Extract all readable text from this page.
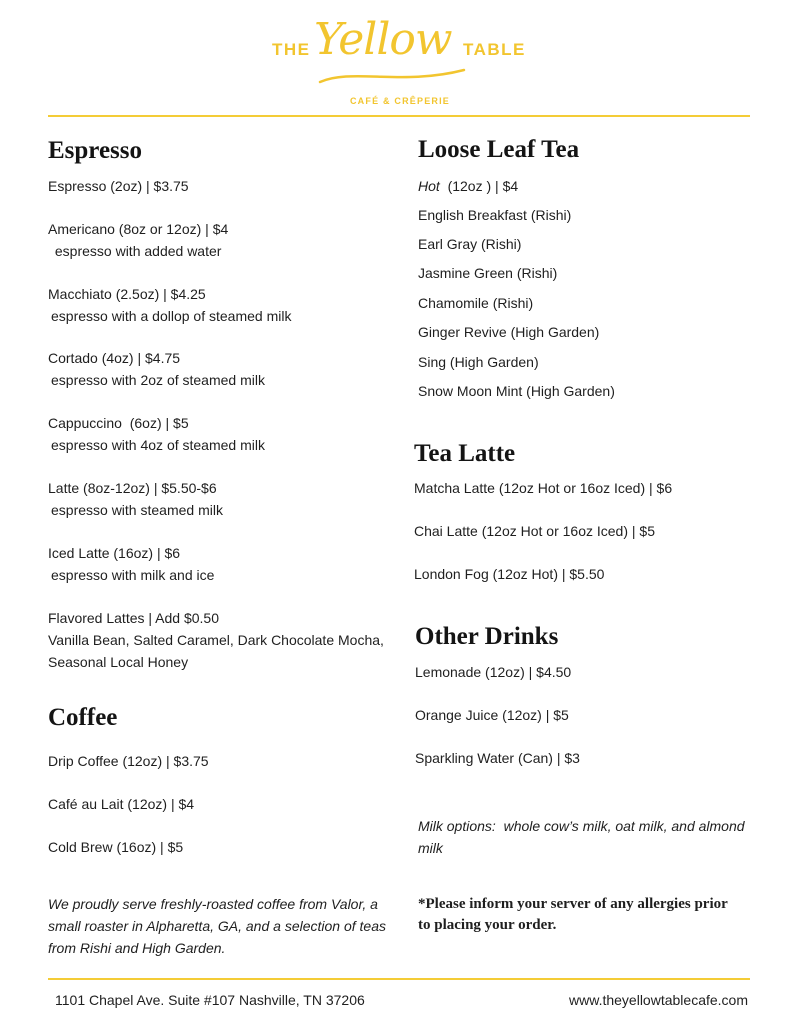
THE Yellow TABLE
CAFÉ & CRÊPERIE
Espresso
Espresso (2oz) | $3.75
Americano (8oz or 12oz) | $4
espresso with added water
Macchiato (2.5oz) | $4.25
espresso with a dollop of steamed milk
Cortado (4oz) | $4.75
espresso with 2oz of steamed milk
Cappuccino  (6oz) | $5
espresso with 4oz of steamed milk
Latte (8oz-12oz) | $5.50-$6
espresso with steamed milk
Iced Latte (16oz) | $6
espresso with milk and ice
Flavored Lattes | Add $0.50
Vanilla Bean, Salted Caramel, Dark Chocolate Mocha,
Seasonal Local Honey
Coffee
Drip Coffee (12oz) | $3.75
Café au Lait (12oz) | $4
Cold Brew (16oz) | $5
We proudly serve freshly-roasted coffee from Valor, a
small roaster in Alpharetta, GA, and a selection of teas
from Rishi and High Garden.
Loose Leaf Tea
Hot  (12oz ) | $4
English Breakfast (Rishi)
Earl Gray (Rishi)
Jasmine Green (Rishi)
Chamomile (Rishi)
Ginger Revive (High Garden)
Sing (High Garden)
Snow Moon Mint (High Garden)
Tea Latte
Matcha Latte (12oz Hot or 16oz Iced) | $6
Chai Latte (12oz Hot or 16oz Iced) | $5
London Fog (12oz Hot) | $5.50
Other Drinks
Lemonade (12oz) | $4.50
Orange Juice (12oz) | $5
Sparkling Water (Can) | $3
Milk options:  whole cow’s milk, oat milk, and almond
milk
*Please inform your server of any allergies prior
to placing your order.
1101 Chapel Ave. Suite #107 Nashville, TN 37206	www.theyellowtablecafe.com
